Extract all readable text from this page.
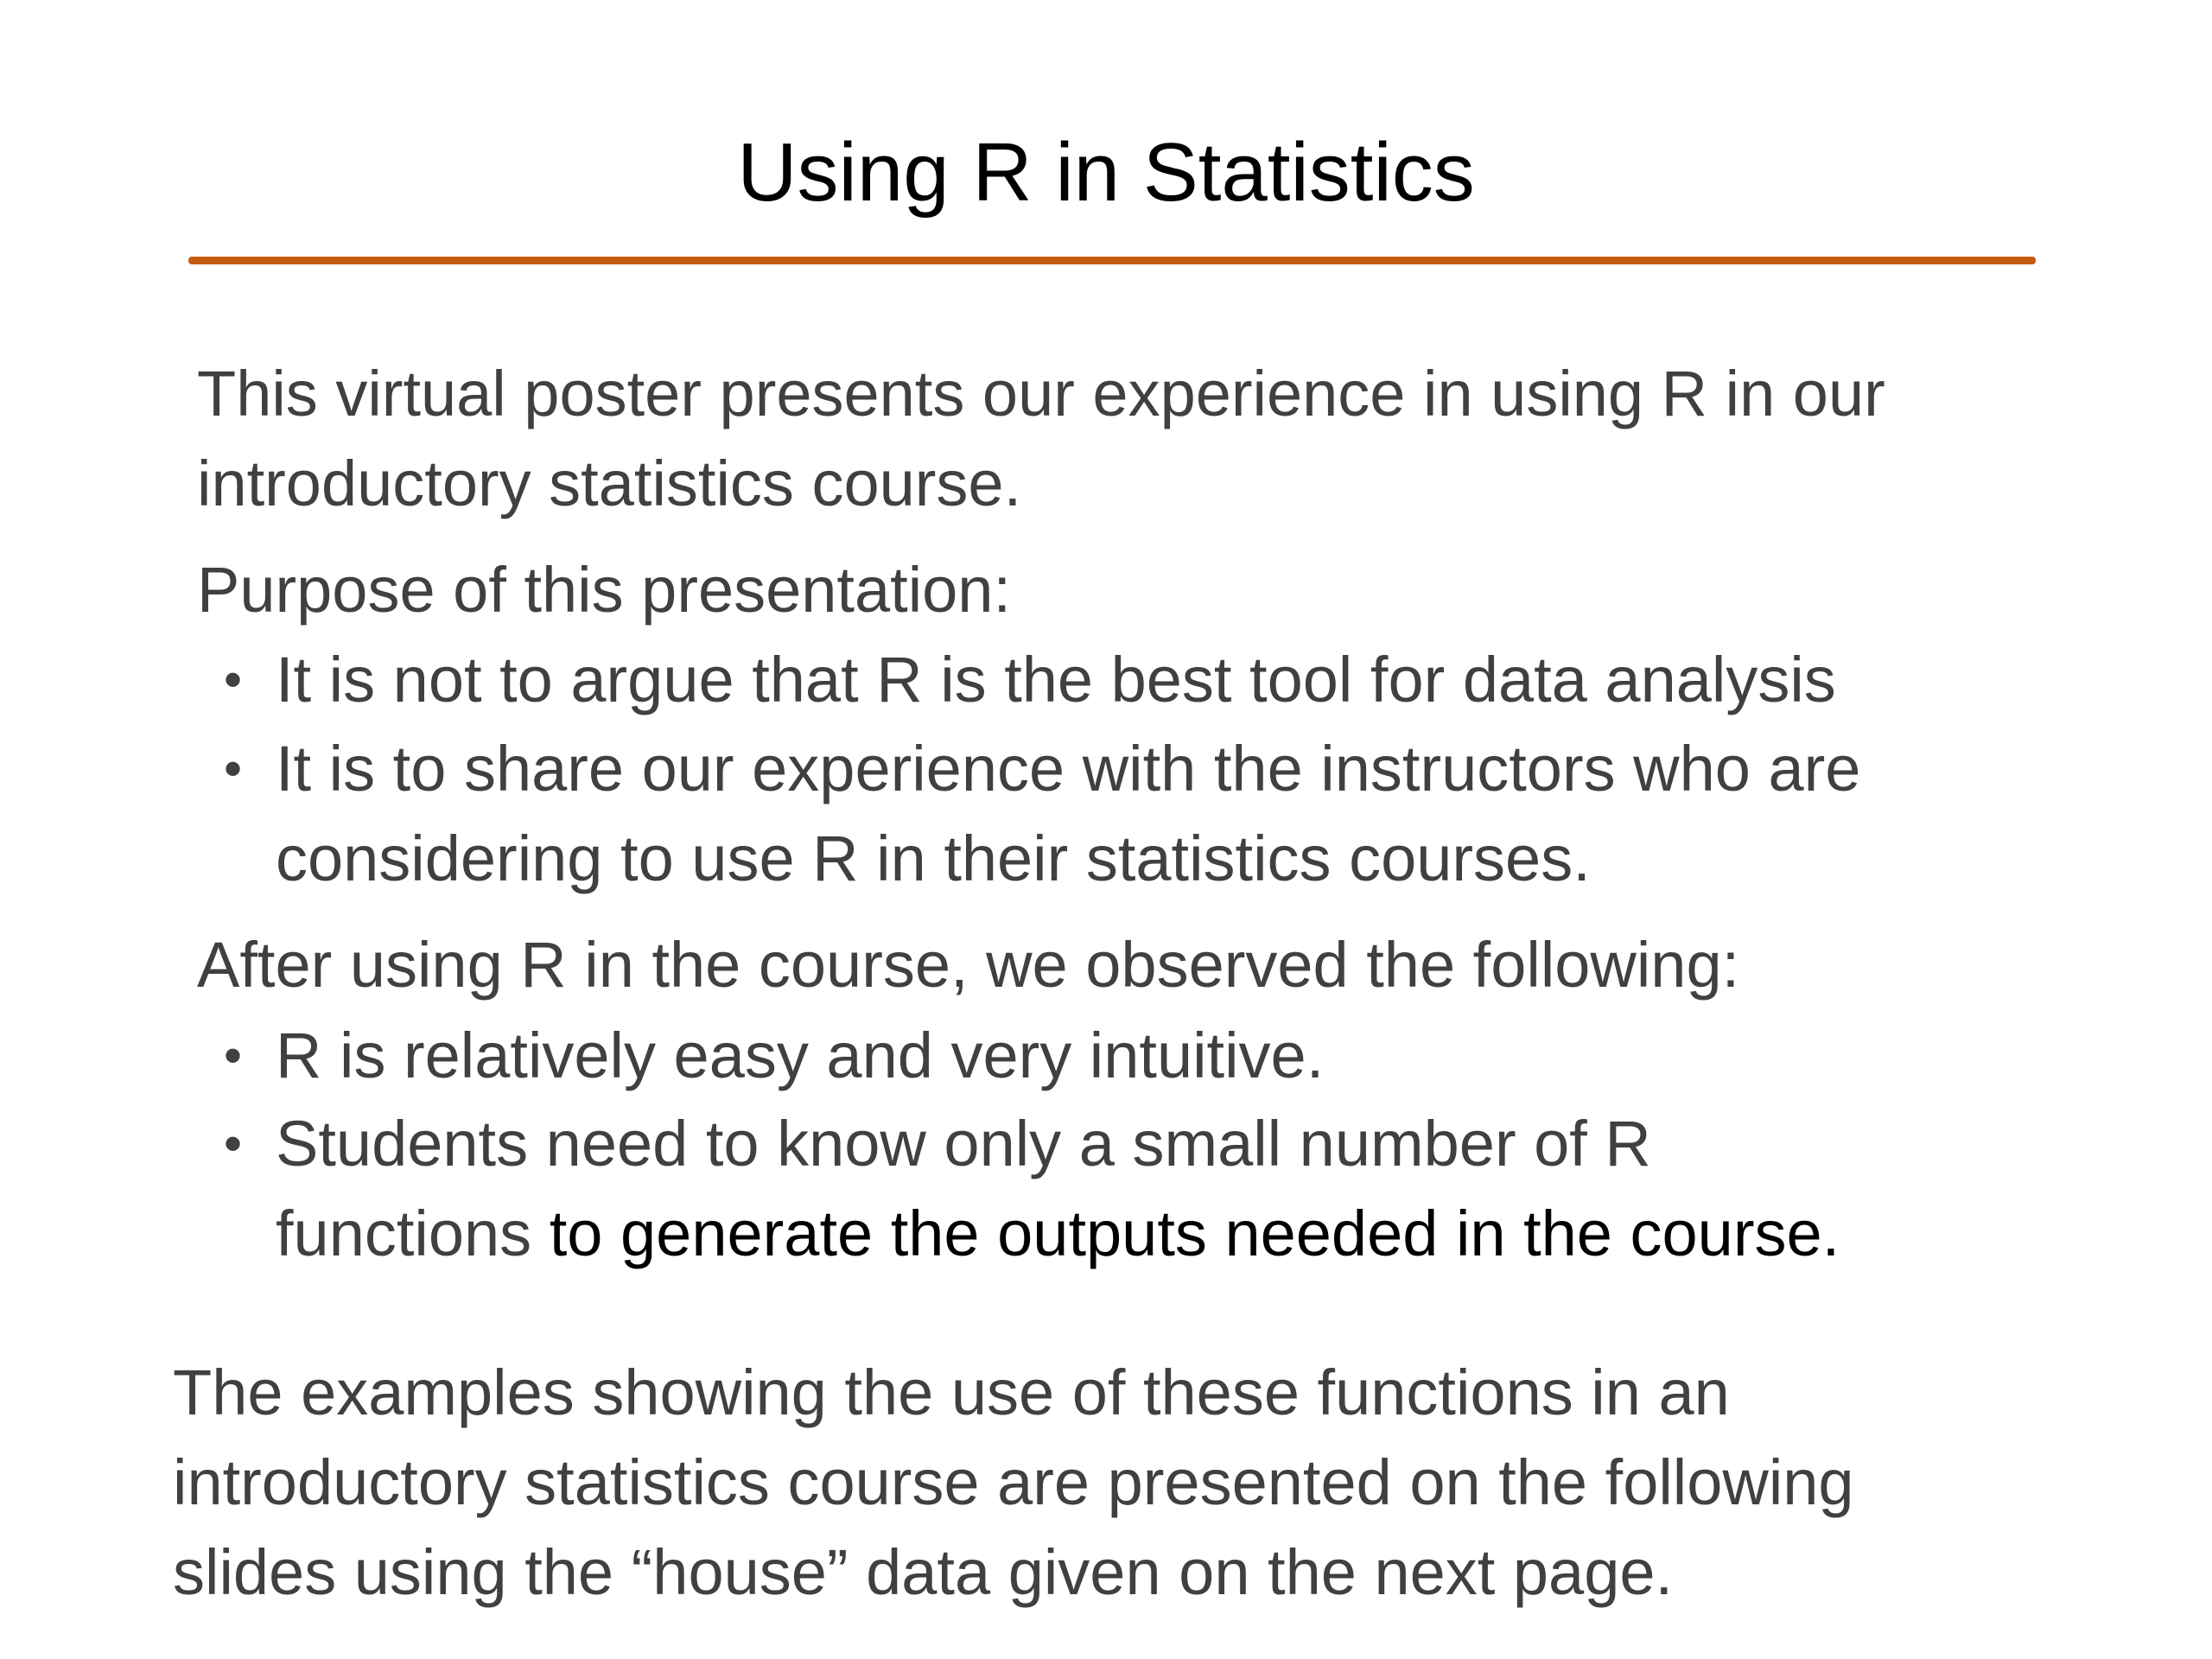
Using R in Statistics

This virtual poster presents our experience in using R in our
introductory statistics course.

Purpose of this presentation:

• It is not to argue that R is the best tool for data analysis
• It is to share our experience with the instructors who are
considering to use R in their statistics courses.

After using R in the course, we observed the following:

• R is relatively easy and very intuitive.
• Students need to know only a small number of R
functions to generate the outputs needed in the course.

The examples showing the use of these functions in an
introductory statistics course are presented on the following
slides using the “house” data given on the next page.
